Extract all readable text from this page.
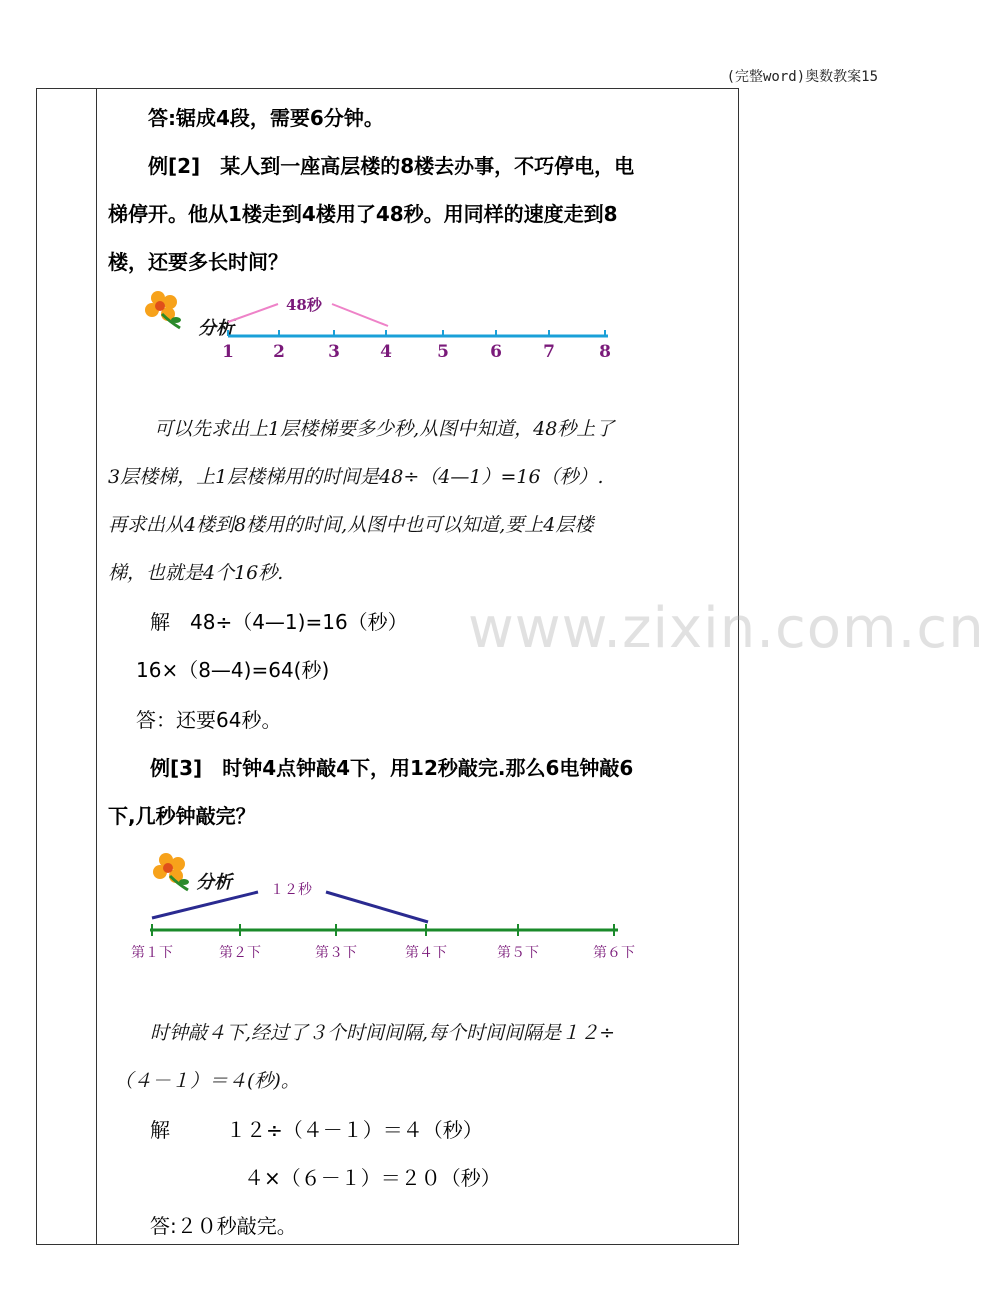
(完整word)奥数教案15
www.zixin.com.cn
答:锯成4段，需要6分钟。
例[2]　某人到一座高层楼的8楼去办事，不巧停电，电
梯停开。他从1楼走到4楼用了48秒。用同样的速度走到8
楼，还要多长时间？
分析
48秒
1 2	3 4	5 6 7	8
可以先求出上1层楼梯要多少秒,从图中知道，48秒上了
3层楼梯，上1层楼梯用的时间是48÷（4—1）=16（秒）.
再求出从4楼到8楼用的时间,从图中也可以知道,要上4层楼
梯，也就是4个16秒.
解　48÷（4—1)=16（秒）
16×（8—4)=64(秒)
答：还要64秒。
例[3]　时钟4点钟敲4下，用12秒敲完.那么6电钟敲6
下,几秒钟敲完？
分析	１２秒
第１下	第２下	第３下	第４下	第５下	第６下
时钟敲４下,经过了３个时间间隔,每个时间间隔是１２÷
（４－１）＝４(秒)。
解	１２÷（４－１）＝４（秒）
４×（６－１）＝２０（秒）
答:２０秒敲完。
